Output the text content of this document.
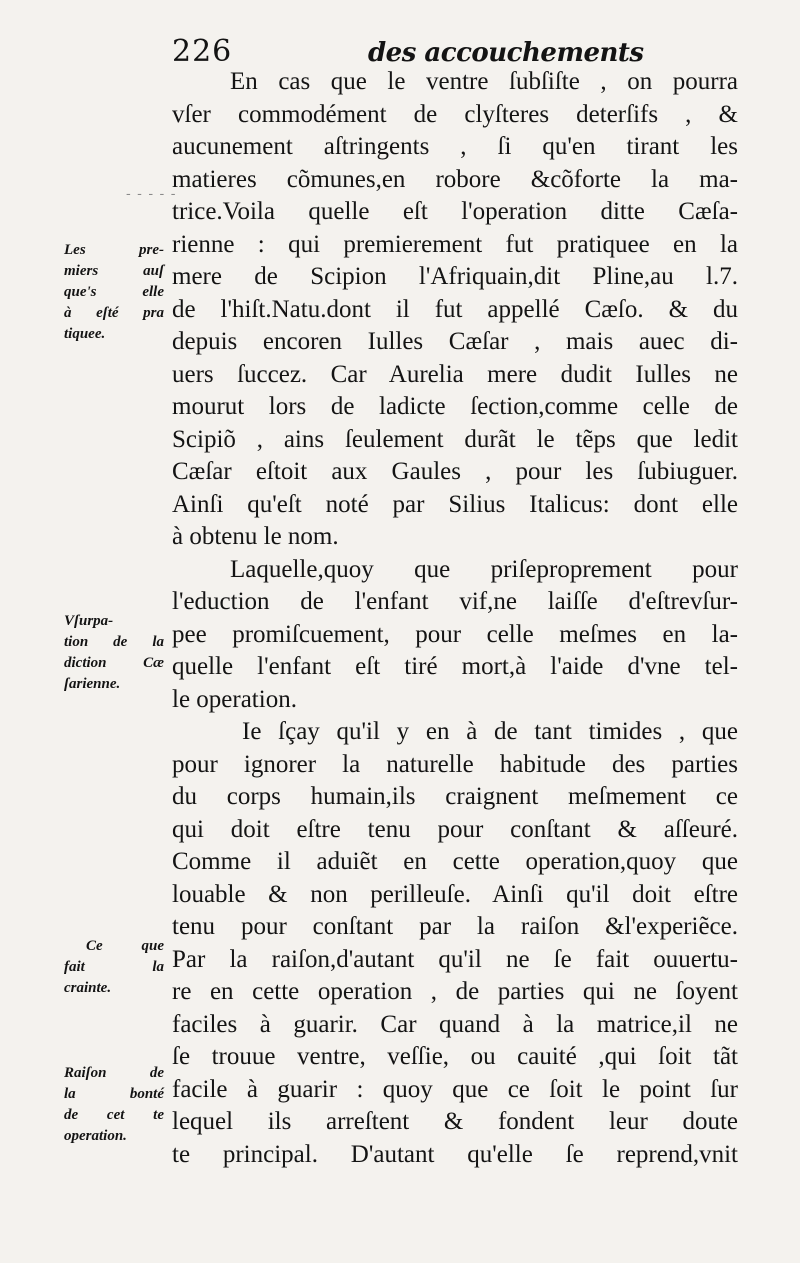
226	des accouchements
- - - - -
En cas que le ventre ſubſiſte , on pourra
vſer commodément de clyſteres deterſifs , &
aucunement aſtringents , ſi qu'en tirant les
matieres cõmunes,en robore &cõforte la ma-
trice.Voila quelle eſt l'operation ditte Cæſa-
rienne : qui premierement fut pratiquee en la
mere de Scipion l'Afriquain,dit Pline,au l.7.
de l'hiſt.Natu.dont il fut appellé Cæſo. & du
depuis encoren Iulles Cæſar , mais auec di-
uers ſuccez. Car Aurelia mere dudit Iulles ne
mourut lors de ladicte ſection,comme celle de
Scipiõ , ains ſeulement durãt le tẽps que ledit
Cæſar eſtoit aux Gaules , pour les ſubiuguer.
Ainſi qu'eſt noté par Silius Italicus: dont elle
à obtenu le nom.
Laquelle,quoy que priſeproprement pour
l'eduction de l'enfant vif,ne laiſſe d'eſtrevſur-
pee promiſcuement, pour celle meſmes en la-
quelle l'enfant eſt tiré mort,à l'aide d'vne tel-
le operation.
Ie ſçay qu'il y en à de tant timides , que
pour ignorer la naturelle habitude des parties
du corps humain,ils craignent meſmement ce
qui doit eſtre tenu pour conſtant & aſſeuré.
Comme il aduiẽt en cette operation,quoy que
louable & non perilleuſe. Ainſi qu'il doit eſtre
tenu pour conſtant par la raiſon &l'experiẽce.
Par la raiſon,d'autant qu'il ne ſe fait ouuertu-
re en cette operation , de parties qui ne ſoyent
faciles à guarir. Car quand à la matrice,il ne
ſe trouue ventre, veſſie, ou cauité ,qui ſoit tãt
facile à guarir : quoy que ce ſoit le point ſur
lequel ils arreſtent & fondent leur doute
te principal. D'autant qu'elle ſe reprend,vnit
Les pre-
miers auſ
que's elle
à eſté pra
tiquee.
Vſurpa-
tion de la
diction Cæ
ſarienne.
Ce que
fait la
crainte.
Raiſon de
la bonté
de cet te
operation.
